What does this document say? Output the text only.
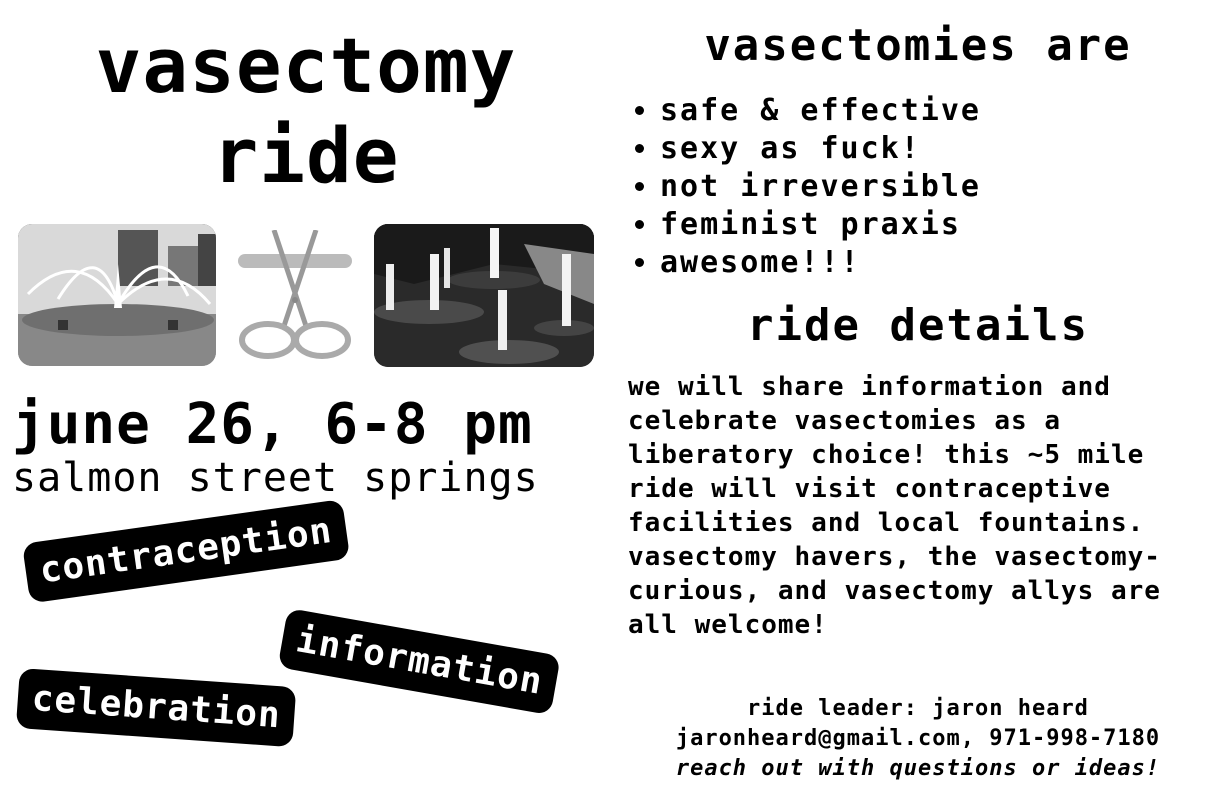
vasectomy
ride
june 26, 6-8 pm
salmon street springs
contraception
information
celebration
vasectomies are
• safe & effective
• sexy as fuck!
• not irreversible
• feminist praxis
• awesome!!!
ride details
we will share information and celebrate vasectomies as a liberatory choice! this ~5 mile ride will visit contraceptive facilities and local fountains. vasectomy havers, the vasectomy-curious, and vasectomy allys are all welcome!
ride leader: jaron heard
jaronheard@gmail.com, 971-998-7180
reach out with questions or ideas!
